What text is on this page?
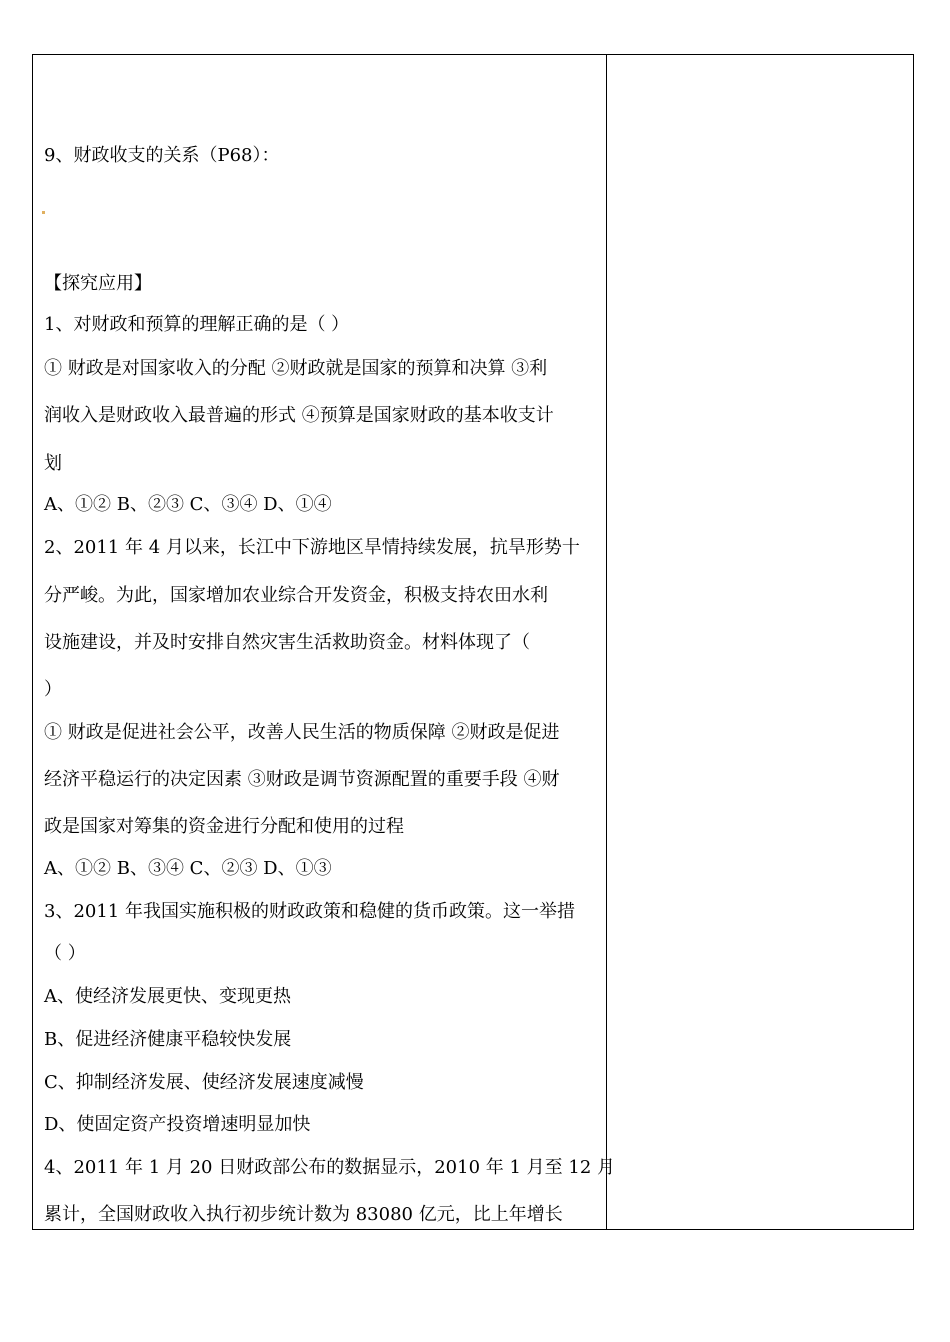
9、财政收支的关系（P68）：
【探究应用】
1、对财政和预算的理解正确的是（ ）
① 财政是对国家收入的分配 ②财政就是国家的预算和决算 ③利
润收入是财政收入最普遍的形式 ④预算是国家财政的基本收支计
划
A、①② B、②③ C、③④ D、①④
2、2011 年 4 月以来，长江中下游地区旱情持续发展，抗旱形势十
分严峻。为此，国家增加农业综合开发资金，积极支持农田水利
设施建设，并及时安排自然灾害生活救助资金。材料体现了（
）
① 财政是促进社会公平，改善人民生活的物质保障 ②财政是促进
经济平稳运行的决定因素 ③财政是调节资源配置的重要手段 ④财
政是国家对筹集的资金进行分配和使用的过程
A、①② B、③④ C、②③ D、①③
3、2011 年我国实施积极的财政政策和稳健的货币政策。这一举措
（ ）
A、使经济发展更快、变现更热
B、促进经济健康平稳较快发展
C、抑制经济发展、使经济发展速度减慢
D、使固定资产投资增速明显加快
4、2011 年 1 月 20 日财政部公布的数据显示，2010 年 1 月至 12 月
累计，全国财政收入执行初步统计数为 83080 亿元，比上年增长
